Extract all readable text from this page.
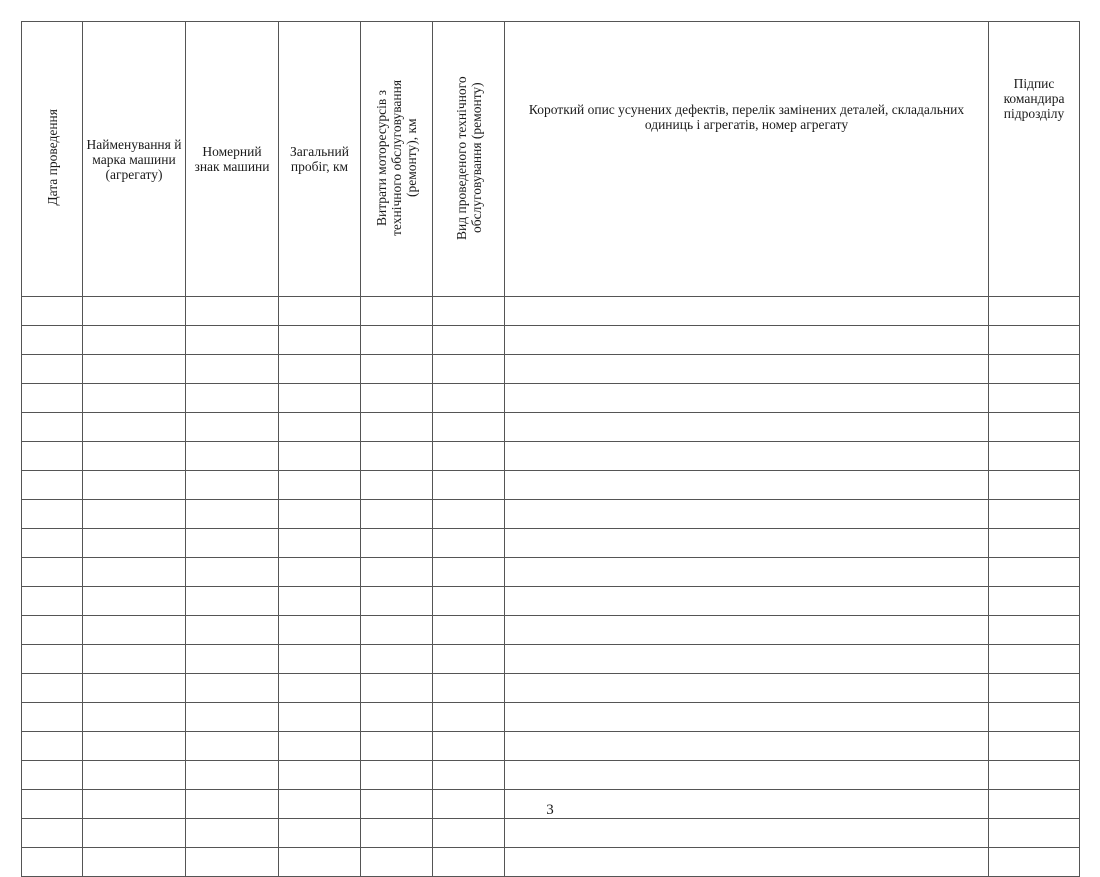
Дата проведення	Найменування й марка машини (агрегату)	Номерний знак машини	Загальний пробіг, км	Витрати моторесурсів з технічного обслуговування (ремонту), км	Вид проведеного технічного обслуговування (ремонту)	Короткий опис усунених дефектів, перелік замінених деталей, складальних одиниць і агрегатів, номер агрегату	Підпис командира підрозділу

3
